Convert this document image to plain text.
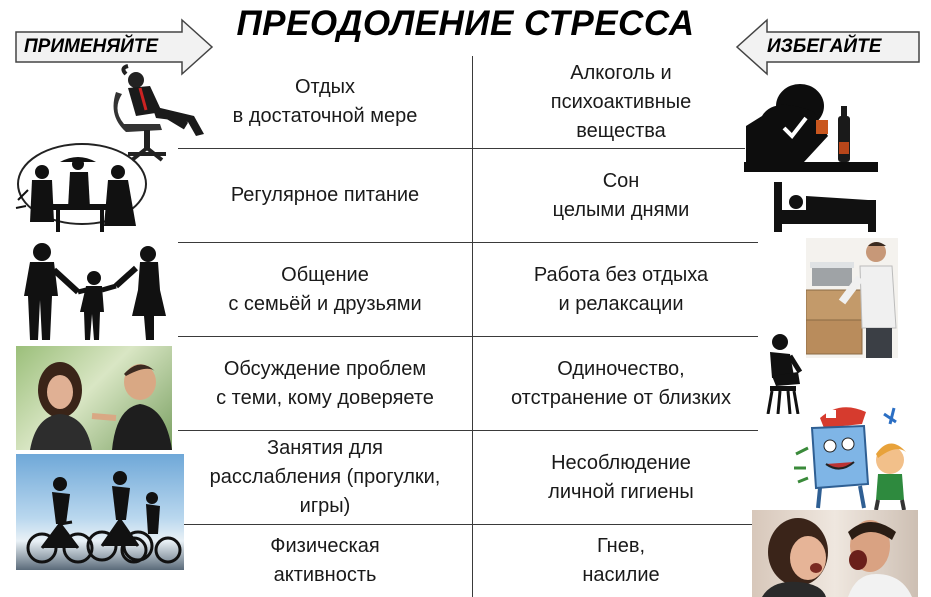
ПРЕОДОЛЕНИЕ СТРЕССА
ПРИМЕНЯЙТЕ	ИЗБЕГАЙТЕ
Отдых
в достаточной мере
Алкоголь и
психоактивные
вещества
Регулярное питание
Сон
целыми днями
Общение
с семьёй и друзьями
Работа без отдыха
и релаксации
Обсуждение проблем
с теми, кому доверяете
Одиночество,
отстранение от близких
Занятия для
расслабления (прогулки,
игры)
Несоблюдение
личной гигиены
Физическая
активность
Гнев,
насилие
